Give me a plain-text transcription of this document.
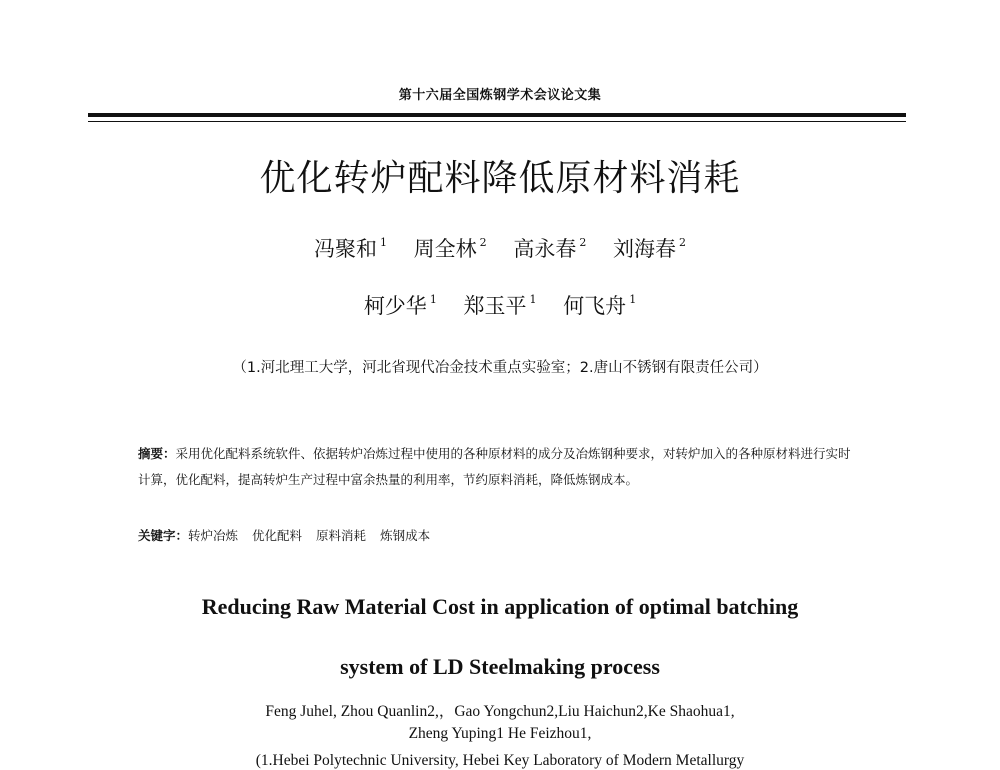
第十六届全国炼钢学术会议论文集
优化转炉配料降低原材料消耗
冯聚和 $^1$ 周全林 $^2$ 高永春 $^2$ 刘海春 $^2$
柯少华 $^1$ 郑玉平 $^1$ 何飞舟 $^1$
（1.河北理工大学，河北省现代冶金技术重点实验室；2.唐山不锈钢有限责任公司）
摘要：采用优化配料系统软件、依据转炉冶炼过程中使用的各种原材料的成分及冶炼钢种要求，对转炉加入的各种原材料进行实时计算，优化配料，提高转炉生产过程中富余热量的利用率，节约原料消耗，降低炼钢成本。
关键字：转炉冶炼 优化配料 原料消耗 炼钢成本
Reducing Raw Material Cost in application of optimal batching
system of LD Steelmaking process
Feng Juhel, Zhou Quanlin2,，Gao Yongchun2,Liu Haichun2,Ke Shaohua1,
Zheng Yuping1 He Feizhou1,
(1.Hebei Polytechnic University, Hebei Key Laboratory of Modern Metallurgy
